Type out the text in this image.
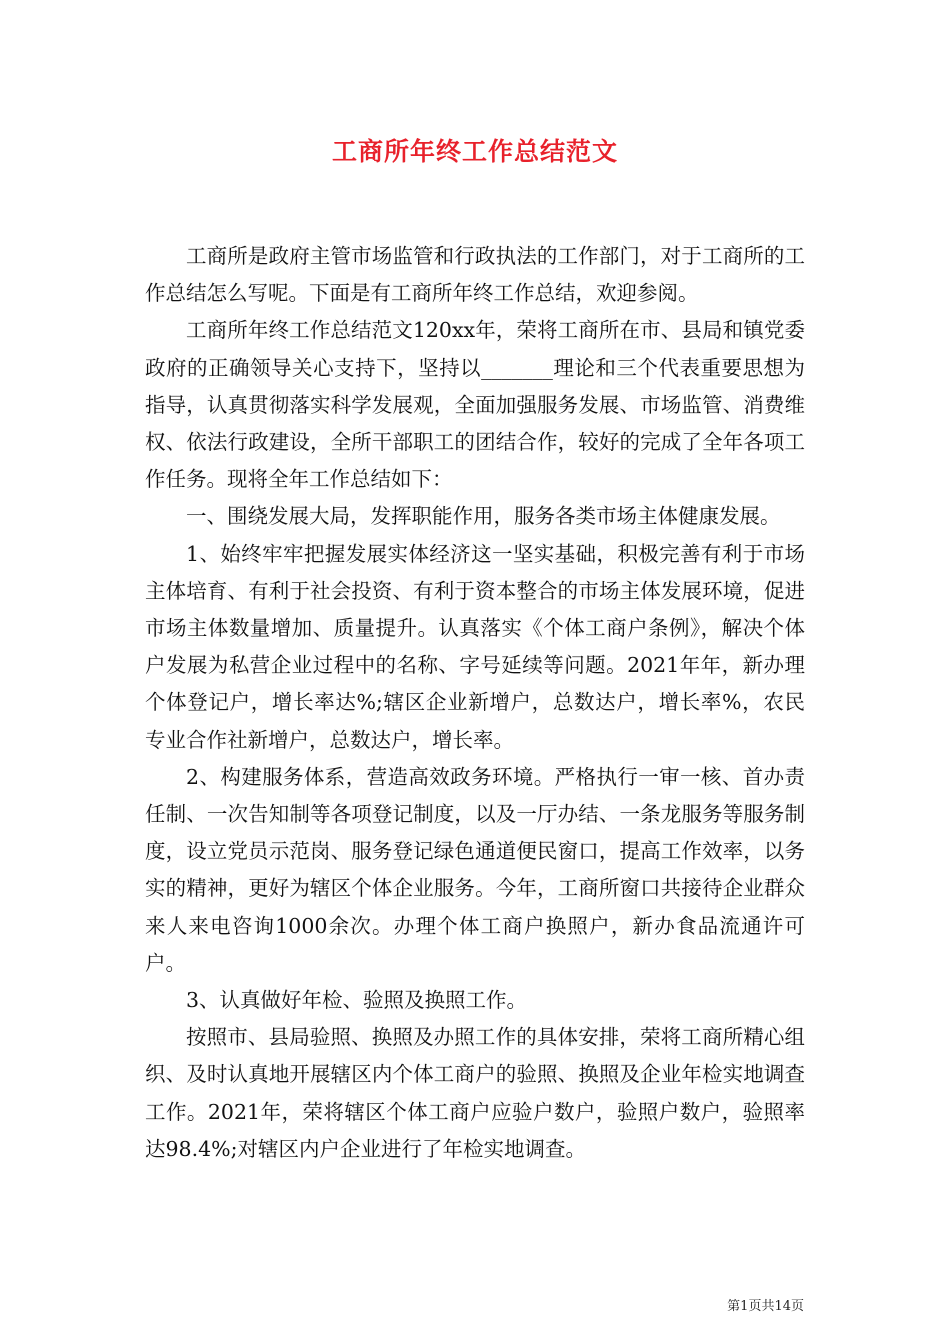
工商所年终工作总结范文

工商所是政府主管市场监管和行政执法的工作部门，对于工商所的工作总结怎么写呢。下面是有工商所年终工作总结，欢迎参阅。

工商所年终工作总结范文120xx年，荣将工商所在市、县局和镇党委政府的正确领导关心支持下，坚持以_______理论和三个代表重要思想为指导，认真贯彻落实科学发展观，全面加强服务发展、市场监管、消费维权、依法行政建设，全所干部职工的团结合作，较好的完成了全年各项工作任务。现将全年工作总结如下：

一、围绕发展大局，发挥职能作用，服务各类市场主体健康发展。

1、始终牢牢把握发展实体经济这一坚实基础，积极完善有利于市场主体培育、有利于社会投资、有利于资本整合的市场主体发展环境，促进市场主体数量增加、质量提升。认真落实《个体工商户条例》，解决个体户发展为私营企业过程中的名称、字号延续等问题。2021年年，新办理个体登记户，增长率达%;辖区企业新增户，总数达户，增长率%，农民专业合作社新增户，总数达户，增长率。

2、构建服务体系，营造高效政务环境。严格执行一审一核、首办责任制、一次告知制等各项登记制度，以及一厅办结、一条龙服务等服务制度，设立党员示范岗、服务登记绿色通道便民窗口，提高工作效率，以务实的精神，更好为辖区个体企业服务。今年，工商所窗口共接待企业群众来人来电咨询1000余次。办理个体工商户换照户，新办食品流通许可户。

3、认真做好年检、验照及换照工作。

按照市、县局验照、换照及办照工作的具体安排，荣将工商所精心组织、及时认真地开展辖区内个体工商户的验照、换照及企业年检实地调查工作。2021年，荣将辖区个体工商户应验户数户，验照户数户，验照率达98.4%;对辖区内户企业进行了年检实地调查。

第1页共14页
